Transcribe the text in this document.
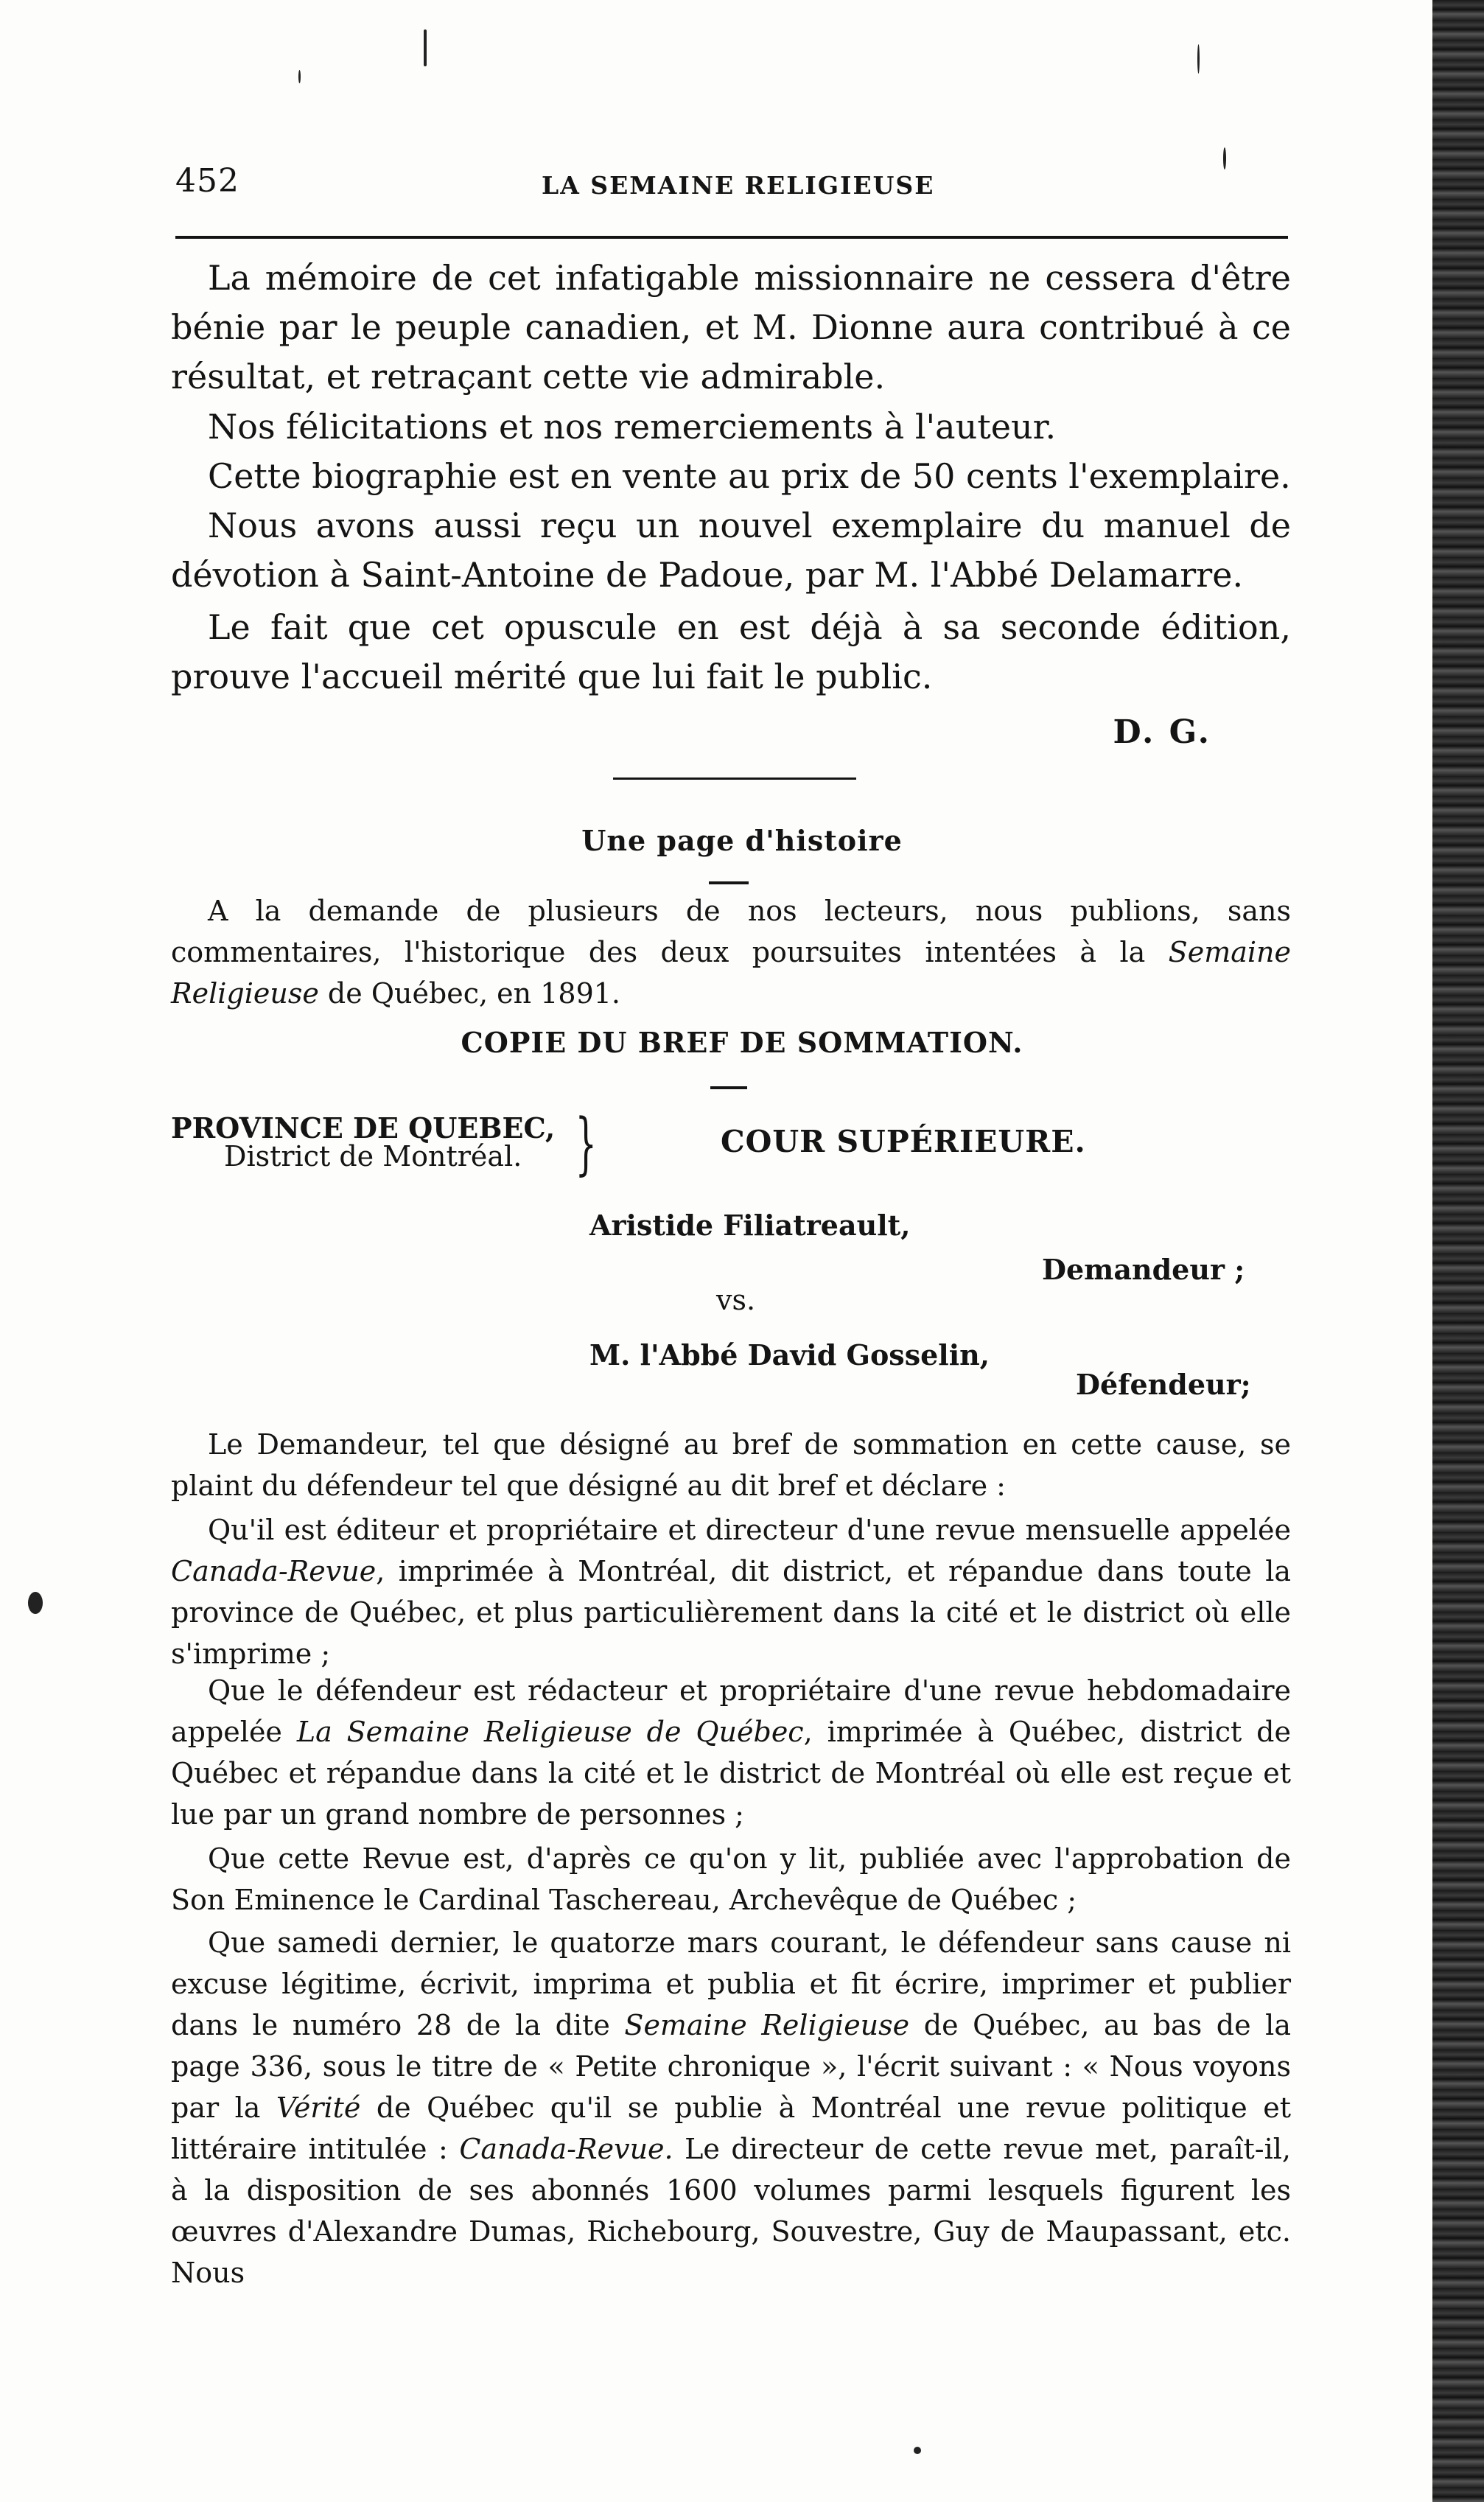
452	LA SEMAINE RELIGIEUSE

La mémoire de cet infatigable missionnaire ne cessera d'être bénie par le peuple canadien, et M. Dionne aura contribué à ce résultat, et retraçant cette vie admirable.

Nos félicitations et nos remerciements à l'auteur.

Cette biographie est en vente au prix de 50 cents l'exemplaire.

Nous avons aussi reçu un nouvel exemplaire du manuel de dévotion à Saint-Antoine de Padoue, par M. l'Abbé Delamarre.

Le fait que cet opuscule en est déjà à sa seconde édition, prouve l'accueil mérité que lui fait le public.

D. G.
Une page d'histoire

A la demande de plusieurs de nos lecteurs, nous publions, sans commentaires, l'historique des deux poursuites intentées à la Semaine Religieuse de Québec, en 1891.

COPIE DU BREF DE SOMMATION.
PROVINCE DE QUEBEC,
District de Montréal. }	COUR SUPÉRIEURE.
Aristide Filiatreault,
Demandeur ;
vs.
M. l'Abbé David Gosselin,
Défendeur;

Le Demandeur, tel que désigné au bref de sommation en cette cause, se plaint du défendeur tel que désigné au dit bref et déclare :

Qu'il est éditeur et propriétaire et directeur d'une revue mensuelle appelée Canada-Revue, imprimée à Montréal, dit district, et répandue dans toute la province de Québec, et plus particulièrement dans la cité et le district où elle s'imprime ;

Que le défendeur est rédacteur et propriétaire d'une revue hebdomadaire appelée La Semaine Religieuse de Québec, imprimée à Québec, district de Québec et répandue dans la cité et le district de Montréal où elle est reçue et lue par un grand nombre de personnes ;

Que cette Revue est, d'après ce qu'on y lit, publiée avec l'approbation de Son Eminence le Cardinal Taschereau, Archevêque de Québec ;

Que samedi dernier, le quatorze mars courant, le défendeur sans cause ni excuse légitime, écrivit, imprima et publia et fit écrire, imprimer et publier dans le numéro 28 de la dite Semaine Religieuse de Québec, au bas de la page 336, sous le titre de « Petite chronique », l'écrit suivant : « Nous voyons par la Vérité de Québec qu'il se publie à Montréal une revue politique et littéraire intitulée : Canada-Revue. Le directeur de cette revue met, paraît-il, à la disposition de ses abonnés 1600 volumes parmi lesquels figurent les œuvres d'Alexandre Dumas, Richebourg, Souvestre, Guy de Maupassant, etc. Nous
